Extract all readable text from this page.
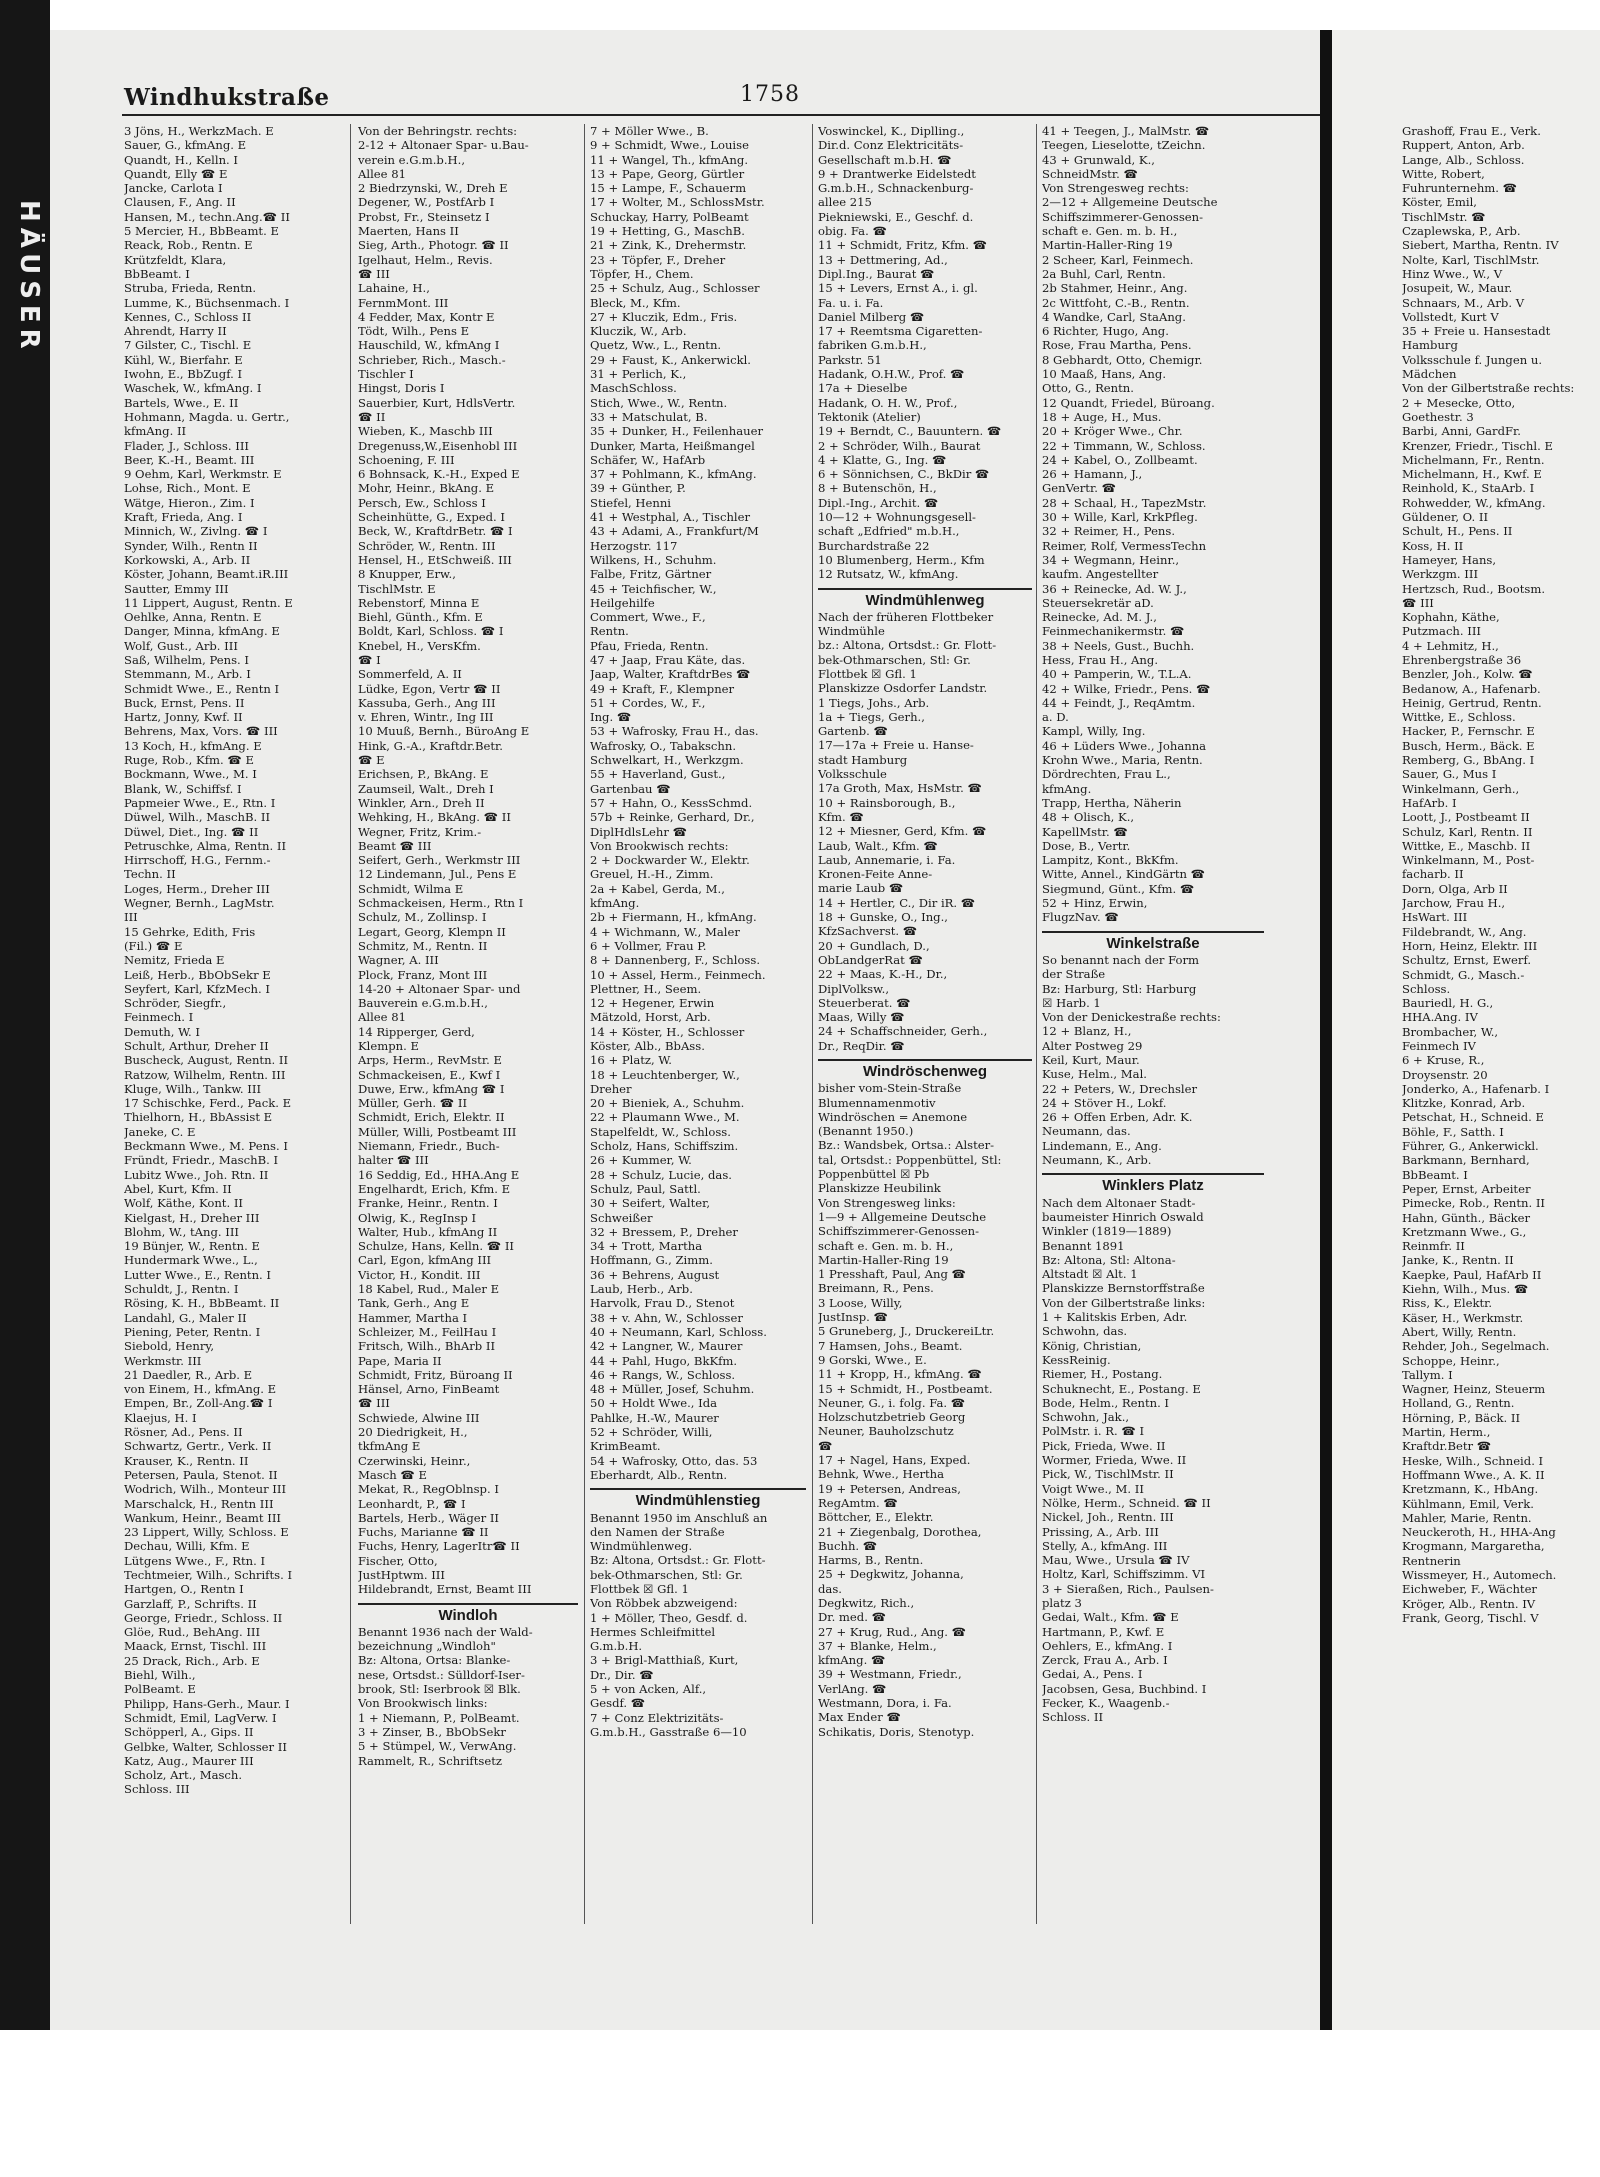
HÄUSER
Windhukstraße	1758
3 Jöns, H., WerkzMach. E
Sauer, G., kfmAng. E
Quandt, H., Kelln. I
Quandt, Elly ☎ E
Jancke, Carlota I
Clausen, F., Ang. II
Hansen, M., techn.Ang.☎ II
5 Mercier, H., BbBeamt. E
Reack, Rob., Rentn. E
Krützfeldt, Klara,
BbBeamt. I
Struba, Frieda, Rentn.
Lumme, K., Büchsenmach. I
Kennes, C., Schloss II
Ahrendt, Harry II
7 Gilster, C., Tischl. E
Kühl, W., Bierfahr. E
Iwohn, E., BbZugf. I
Waschek, W., kfmAng. I
Bartels, Wwe., E. II
Hohmann, Magda. u. Gertr.,
kfmAng. II
Flader, J., Schloss. III
Beer, K.-H., Beamt. III
9 Oehm, Karl, Werkmstr. E
Lohse, Rich., Mont. E
Wätge, Hieron., Zim. I
Kraft, Frieda, Ang. I
Minnich, W., Zivlng. ☎ I
Synder, Wilh., Rentn II
Korkowski, A., Arb. II
Köster, Johann, Beamt.iR.III
Sautter, Emmy III
11 Lippert, August, Rentn. E
Oehlke, Anna, Rentn. E
Danger, Minna, kfmAng. E
Wolf, Gust., Arb. III
Saß, Wilhelm, Pens. I
Stemmann, M., Arb. I
Schmidt Wwe., E., Rentn I
Buck, Ernst, Pens. II
Hartz, Jonny, Kwf. II
Behrens, Max, Vors. ☎ III
13 Koch, H., kfmAng. E
Ruge, Rob., Kfm. ☎ E
Bockmann, Wwe., M. I
Blank, W., Schiffsf. I
Papmeier Wwe., E., Rtn. I
Düwel, Wilh., MaschB. II
Düwel, Diet., Ing. ☎ II
Petruschke, Alma, Rentn. II
Hirrschoff, H.G., Fernm.-
Techn. II
Loges, Herm., Dreher III
Wegner, Bernh., LagMstr.
III
15 Gehrke, Edith, Fris
(Fil.) ☎ E
Nemitz, Frieda E
Leiß, Herb., BbObSekr E
Seyfert, Karl, KfzMech. I
Schröder, Siegfr.,
Feinmech. I
Demuth, W. I
Schult, Arthur, Dreher II
Buscheck, August, Rentn. II
Ratzow, Wilhelm, Rentn. III
Kluge, Wilh., Tankw. III
17 Schischke, Ferd., Pack. E
Thielhorn, H., BbAssist E
Janeke, C. E
Beckmann Wwe., M. Pens. I
Fründt, Friedr., MaschB. I
Lubitz Wwe., Joh. Rtn. II
Abel, Kurt, Kfm. II
Wolf, Käthe, Kont. II
Kielgast, H., Dreher III
Blohm, W., tAng. III
19 Bünjer, W., Rentn. E
Hundermark Wwe., L.,
Lutter Wwe., E., Rentn. I
Schuldt, J., Rentn. I
Rösing, K. H., BbBeamt. II
Landahl, G., Maler II
Piening, Peter, Rentn. I
Siebold, Henry,
Werkmstr. III
21 Daedler, R., Arb. E
von Einem, H., kfmAng. E
Empen, Br., Zoll-Ang.☎ I
Klaejus, H. I
Rösner, Ad., Pens. II
Schwartz, Gertr., Verk. II
Krauser, K., Rentn. II
Petersen, Paula, Stenot. II
Wodrich, Wilh., Monteur III
Marschalck, H., Rentn III
Wankum, Heinr., Beamt III
23 Lippert, Willy, Schloss. E
Dechau, Willi, Kfm. E
Lütgens Wwe., F., Rtn. I
Techtmeier, Wilh., Schrifts. I
Hartgen, O., Rentn I
Garzlaff, P., Schrifts. II
George, Friedr., Schloss. II
Glöe, Rud., BehAng. III
Maack, Ernst, Tischl. III
25 Drack, Rich., Arb. E
Biehl, Wilh.,
PolBeamt. E
Philipp, Hans-Gerh., Maur. I
Schmidt, Emil, LagVerw. I
Schöpperl, A., Gips. II
Gelbke, Walter, Schlosser II
Katz, Aug., Maurer III
Scholz, Art., Masch.
Schloss. III
Von der Behringstr. rechts:
2-12 + Altonaer Spar- u.Bau-
verein e.G.m.b.H.,
Allee 81
2 Biedrzynski, W., Dreh E
Degener, W., PostfArb I
Probst, Fr., Steinsetz I
Maerten, Hans II
Sieg, Arth., Photogr. ☎ II
Igelhaut, Helm., Revis.
☎ III
Lahaine, H.,
FernmMont. III
4 Fedder, Max, Kontr E
Tödt, Wilh., Pens E
Hauschild, W., kfmAng I
Schrieber, Rich., Masch.-
Tischler I
Hingst, Doris I
Sauerbier, Kurt, HdlsVertr.
☎ II
Wieben, K., Maschb III
Dregenuss,W.,Eisenhobl III
Schoening, F. III
6 Bohnsack, K.-H., Exped E
Mohr, Heinr., BkAng. E
Persch, Ew., Schloss I
Scheinhütte, G., Exped. I
Beck, W., KraftdrBetr. ☎ I
Schröder, W., Rentn. III
Hensel, H., EtSchweiß. III
8 Knupper, Erw.,
TischlMstr. E
Rebenstorf, Minna E
Biehl, Günth., Kfm. E
Boldt, Karl, Schloss. ☎ I
Knebel, H., VersKfm.
☎ I
Sommerfeld, A. II
Lüdke, Egon, Vertr ☎ II
Kassuba, Gerh., Ang III
v. Ehren, Wintr., Ing III
10 Muuß, Bernh., BüroAng E
Hink, G.-A., Kraftdr.Betr.
☎ E
Erichsen, P., BkAng. E
Zaumseil, Walt., Dreh I
Winkler, Arn., Dreh II
Wehking, H., BkAng. ☎ II
Wegner, Fritz, Krim.-
Beamt ☎ III
Seifert, Gerh., Werkmstr III
12 Lindemann, Jul., Pens E
Schmidt, Wilma E
Schmackeisen, Herm., Rtn I
Schulz, M., Zollinsp. I
Legart, Georg, Klempn II
Schmitz, M., Rentn. II
Wagner, A. III
Plock, Franz, Mont III
14-20 + Altonaer Spar- und
Bauverein e.G.m.b.H.,
Allee 81
14 Ripperger, Gerd,
Klempn. E
Arps, Herm., RevMstr. E
Schmackeisen, E., Kwf I
Duwe, Erw., kfmAng ☎ I
Müller, Gerh. ☎ II
Schmidt, Erich, Elektr. II
Müller, Willi, Postbeamt III
Niemann, Friedr., Buch-
halter ☎ III
16 Seddig, Ed., HHA.Ang E
Engelhardt, Erich, Kfm. E
Franke, Heinr., Rentn. I
Olwig, K., RegInsp I
Walter, Hub., kfmAng II
Schulze, Hans, Kelln. ☎ II
Carl, Egon, kfmAng III
Victor, H., Kondit. III
18 Kabel, Rud., Maler E
Tank, Gerh., Ang E
Hammer, Martha I
Schleizer, M., FeilHau I
Fritsch, Wilh., BhArb II
Pape, Maria II
Schmidt, Fritz, Büroang II
Hänsel, Arno, FinBeamt
☎ III
Schwiede, Alwine III
20 Diedrigkeit, H.,
tkfmAng E
Czerwinski, Heinr.,
Masch ☎ E
Mekat, R., RegOblnsp. I
Leonhardt, P., ☎ I
Bartels, Herb., Wäger II
Fuchs, Marianne ☎ II
Fuchs, Henry, LagerItr☎ II
Fischer, Otto,
JustHptwm. III
Hildebrandt, Ernst, Beamt III
Windloh
Benannt 1936 nach der Wald-
bezeichnung „Windloh"
Bz: Altona, Ortsa: Blanke-
nese, Ortsdst.: Sülldorf-Iser-
brook, Stl: Iserbrook ☒ Blk.
Von Brookwisch links:
1 + Niemann, P., PolBeamt.
3 + Zinser, B., BbObSekr
5 + Stümpel, W., VerwAng.
Rammelt, R., Schriftsetz
7 + Möller Wwe., B.
9 + Schmidt, Wwe., Louise
11 + Wangel, Th., kfmAng.
13 + Pape, Georg, Gürtler
15 + Lampe, F., Schauerm
17 + Wolter, M., SchlossMstr.
Schuckay, Harry, PolBeamt
19 + Hetting, G., MaschB.
21 + Zink, K., Drehermstr.
23 + Töpfer, F., Dreher
Töpfer, H., Chem.
25 + Schulz, Aug., Schlosser
Bleck, M., Kfm.
27 + Kluczik, Edm., Fris.
Kluczik, W., Arb.
Quetz, Ww., L., Rentn.
29 + Faust, K., Ankerwickl.
31 + Perlich, K.,
MaschSchloss.
Stich, Wwe., W., Rentn.
33 + Matschulat, B.
35 + Dunker, H., Feilenhauer
Dunker, Marta, Heißmangel
Schäfer, W., HafArb
37 + Pohlmann, K., kfmAng.
39 + Günther, P.
Stiefel, Henni
41 + Westphal, A., Tischler
43 + Adami, A., Frankfurt/M
Herzogstr. 117
Wilkens, H., Schuhm.
Falbe, Fritz, Gärtner
45 + Teichfischer, W.,
Heilgehilfe
Commert, Wwe., F.,
Rentn.
Pfau, Frieda, Rentn.
47 + Jaap, Frau Käte, das.
Jaap, Walter, KraftdrBes ☎
49 + Kraft, F., Klempner
51 + Cordes, W., F.,
Ing. ☎
53 + Wafrosky, Frau H., das.
Wafrosky, O., Tabakschn.
Schwelkart, H., Werkzgm.
55 + Haverland, Gust.,
Gartenbau ☎
57 + Hahn, O., KessSchmd.
57b + Reinke, Gerhard, Dr.,
DiplHdlsLehr ☎
Von Brookwisch rechts:
2 + Dockwarder W., Elektr.
Greuel, H.-H., Zimm.
2a + Kabel, Gerda, M.,
kfmAng.
2b + Fiermann, H., kfmAng.
4 + Wichmann, W., Maler
6 + Vollmer, Frau P.
8 + Dannenberg, F., Schloss.
10 + Assel, Herm., Feinmech.
Plettner, H., Seem.
12 + Hegener, Erwin
Mätzold, Horst, Arb.
14 + Köster, H., Schlosser
Köster, Alb., BbAss.
16 + Platz, W.
18 + Leuchtenberger, W.,
Dreher
20 + Bieniek, A., Schuhm.
22 + Plaumann Wwe., M.
Stapelfeldt, W., Schloss.
Scholz, Hans, Schiffszim.
26 + Kummer, W.
28 + Schulz, Lucie, das.
Schulz, Paul, Sattl.
30 + Seifert, Walter,
Schweißer
32 + Bressem, P., Dreher
34 + Trott, Martha
Hoffmann, G., Zimm.
36 + Behrens, August
Laub, Herb., Arb.
Harvolk, Frau D., Stenot
38 + v. Ahn, W., Schlosser
40 + Neumann, Karl, Schloss.
42 + Langner, W., Maurer
44 + Pahl, Hugo, BkKfm.
46 + Rangs, W., Schloss.
48 + Müller, Josef, Schuhm.
50 + Holdt Wwe., Ida
Pahlke, H.-W., Maurer
52 + Schröder, Willi,
KrimBeamt.
54 + Wafrosky, Otto, das. 53
Eberhardt, Alb., Rentn.
Windmühlenstieg
Benannt 1950 im Anschluß an
den Namen der Straße
Windmühlenweg.
Bz: Altona, Ortsdst.: Gr. Flott-
bek-Othmarschen, Stl: Gr.
Flottbek ☒ Gfl. 1
Von Röbbek abzweigend:
1 + Möller, Theo, Gesdf. d.
Hermes Schleifmittel
G.m.b.H.
3 + Brigl-Matthiaß, Kurt,
Dr., Dir. ☎
5 + von Acken, Alf.,
Gesdf. ☎
7 + Conz Elektrizitäts-
G.m.b.H., Gasstraße 6—10
Voswinckel, K., Diplling.,
Dir.d. Conz Elektricitäts-
Gesellschaft m.b.H. ☎
9 + Drantwerke Eidelstedt
G.m.b.H., Schnackenburg-
allee 215
Piekniewski, E., Geschf. d.
obig. Fa. ☎
11 + Schmidt, Fritz, Kfm. ☎
13 + Dettmering, Ad.,
Dipl.Ing., Baurat ☎
15 + Levers, Ernst A., i. gl.
Fa. u. i. Fa.
Daniel Milberg ☎
17 + Reemtsma Cigaretten-
fabriken G.m.b.H.,
Parkstr. 51
Hadank, O.H.W., Prof. ☎
17a + Dieselbe
Hadank, O. H. W., Prof.,
Tektonik (Atelier)
19 + Berndt, C., Bauuntern. ☎
2 + Schröder, Wilh., Baurat
4 + Klatte, G., Ing. ☎
6 + Sönnichsen, C., BkDir ☎
8 + Butenschön, H.,
Dipl.-Ing., Archit. ☎
10—12 + Wohnungsgesell-
schaft „Edfried" m.b.H.,
Burchardstraße 22
10 Blumenberg, Herm., Kfm
12 Rutsatz, W., kfmAng.
Windmühlenweg
Nach der früheren Flottbeker
Windmühle
bz.: Altona, Ortsdst.: Gr. Flott-
bek-Othmarschen, Stl: Gr.
Flottbek ☒ Gfl. 1
Planskizze Osdorfer Landstr.
1 Tiegs, Johs., Arb.
1a + Tiegs, Gerh.,
Gartenb. ☎
17—17a + Freie u. Hanse-
stadt Hamburg
Volksschule
17a Groth, Max, HsMstr. ☎
10 + Rainsborough, B.,
Kfm. ☎
12 + Miesner, Gerd, Kfm. ☎
Laub, Walt., Kfm. ☎
Laub, Annemarie, i. Fa.
Kronen-Feite Anne-
marie Laub ☎
14 + Hertler, C., Dir iR. ☎
18 + Gunske, O., Ing.,
KfzSachverst. ☎
20 + Gundlach, D.,
ObLandgerRat ☎
22 + Maas, K.-H., Dr.,
DiplVolksw.,
Steuerberat. ☎
Maas, Willy ☎
24 + Schaffschneider, Gerh.,
Dr., ReqDir. ☎
Windröschenweg
bisher vom-Stein-Straße
Blumennamenmotiv
Windröschen = Anemone
(Benannt 1950.)
Bz.: Wandsbek, Ortsa.: Alster-
tal, Ortsdst.: Poppenbüttel, Stl:
Poppenbüttel ☒ Pb
Planskizze Heubilink
Von Strengesweg links:
1—9 + Allgemeine Deutsche
Schiffszimmerer-Genossen-
schaft e. Gen. m. b. H.,
Martin-Haller-Ring 19
1 Presshaft, Paul, Ang ☎
Breimann, R., Pens.
3 Loose, Willy,
JustInsp. ☎
5 Gruneberg, J., DruckereiLtr.
7 Hamsen, Johs., Beamt.
9 Gorski, Wwe., E.
11 + Kropp, H., kfmAng. ☎
15 + Schmidt, H., Postbeamt.
Neuner, G., i. folg. Fa. ☎
Holzschutzbetrieb Georg
Neuner, Bauholzschutz
☎
17 + Nagel, Hans, Exped.
Behnk, Wwe., Hertha
19 + Petersen, Andreas,
RegAmtm. ☎
Böttcher, E., Elektr.
21 + Ziegenbalg, Dorothea,
Buchh. ☎
Harms, B., Rentn.
25 + Degkwitz, Johanna,
das.
Degkwitz, Rich.,
Dr. med. ☎
27 + Krug, Rud., Ang. ☎
37 + Blanke, Helm.,
kfmAng. ☎
39 + Westmann, Friedr.,
VerlAng. ☎
Westmann, Dora, i. Fa.
Max Ender ☎
Schikatis, Doris, Stenotyp.
41 + Teegen, J., MalMstr. ☎
Teegen, Lieselotte, tZeichn.
43 + Grunwald, K.,
SchneidMstr. ☎
Von Strengesweg rechts:
2—12 + Allgemeine Deutsche
Schiffszimmerer-Genossen-
schaft e. Gen. m. b. H.,
Martin-Haller-Ring 19
2 Scheer, Karl, Feinmech.
2a Buhl, Carl, Rentn.
2b Stahmer, Heinr., Ang.
2c Wittfoht, C.-B., Rentn.
4 Wandke, Carl, StaAng.
6 Richter, Hugo, Ang.
Rose, Frau Martha, Pens.
8 Gebhardt, Otto, Chemigr.
10 Maaß, Hans, Ang.
Otto, G., Rentn.
12 Quandt, Friedel, Büroang.
18 + Auge, H., Mus.
20 + Kröger Wwe., Chr.
22 + Timmann, W., Schloss.
24 + Kabel, O., Zollbeamt.
26 + Hamann, J.,
GenVertr. ☎
28 + Schaal, H., TapezMstr.
30 + Wille, Karl, KrkPfleg.
32 + Reimer, H., Pens.
Reimer, Rolf, VermessTechn
34 + Wegmann, Heinr.,
kaufm. Angestellter
36 + Reinecke, Ad. W. J.,
Steuersekretär aD.
Reinecke, Ad. M. J.,
Feinmechanikermstr. ☎
38 + Neels, Gust., Buchh.
Hess, Frau H., Ang.
40 + Pamperin, W., T.L.A.
42 + Wilke, Friedr., Pens. ☎
44 + Feindt, J., ReqAmtm.
a. D.
Kampl, Willy, Ing.
46 + Lüders Wwe., Johanna
Krohn Wwe., Maria, Rentn.
Dördrechten, Frau L.,
kfmAng.
Trapp, Hertha, Näherin
48 + Olisch, K.,
KapellMstr. ☎
Dose, B., Vertr.
Lampitz, Kont., BkKfm.
Witte, Annel., KindGärtn ☎
Siegmund, Günt., Kfm. ☎
52 + Hinz, Erwin,
FlugzNav. ☎
Winkelstraße
So benannt nach der Form
der Straße
Bz: Harburg, Stl: Harburg
☒ Harb. 1
Von der Denickestraße rechts:
12 + Blanz, H.,
Alter Postweg 29
Keil, Kurt, Maur.
Kuse, Helm., Mal.
22 + Peters, W., Drechsler
24 + Stöver H., Lokf.
26 + Offen Erben, Adr. K.
Neumann, das.
Lindemann, E., Ang.
Neumann, K., Arb.
Winklers Platz
Nach dem Altonaer Stadt-
baumeister Hinrich Oswald
Winkler (1819—1889)
Benannt 1891
Bz: Altona, Stl: Altona-
Altstadt ☒ Alt. 1
Planskizze Bernstorffstraße
Von der Gilbertstraße links:
1 + Kalitskis Erben, Adr.
Schwohn, das.
König, Christian,
KessReinig.
Riemer, H., Postang.
Schuknecht, E., Postang. E
Bode, Helm., Rentn. I
Schwohn, Jak.,
PolMstr. i. R. ☎ I
Pick, Frieda, Wwe. II
Wormer, Frieda, Wwe. II
Pick, W., TischlMstr. II
Voigt Wwe., M. II
Nölke, Herm., Schneid. ☎ II
Nickel, Joh., Rentn. III
Prissing, A., Arb. III
Stelly, A., kfmAng. III
Mau, Wwe., Ursula ☎ IV
Holtz, Karl, Schiffszimm. VI
3 + Sieraßen, Rich., Paulsen-
platz 3
Gedai, Walt., Kfm. ☎ E
Hartmann, P., Kwf. E
Oehlers, E., kfmAng. I
Zerck, Frau A., Arb. I
Gedai, A., Pens. I
Jacobsen, Gesa, Buchbind. I
Fecker, K., Waagenb.-
Schloss. II
Grashoff, Frau E., Verk.
Ruppert, Anton, Arb.
Lange, Alb., Schloss.
Witte, Robert,
Fuhrunternehm. ☎
Köster, Emil,
TischlMstr. ☎
Czaplewska, P., Arb.
Siebert, Martha, Rentn. IV
Nolte, Karl, TischlMstr.
Hinz Wwe., W., V
Josupeit, W., Maur.
Schnaars, M., Arb. V
Vollstedt, Kurt V
35 + Freie u. Hansestadt
Hamburg
Volksschule f. Jungen u.
Mädchen
Von der Gilbertstraße rechts:
2 + Mesecke, Otto,
Goethestr. 3
Barbi, Anni, GardFr.
Krenzer, Friedr., Tischl. E
Michelmann, Fr., Rentn.
Michelmann, H., Kwf. E
Reinhold, K., StaArb. I
Rohwedder, W., kfmAng.
Güldener, O. II
Schult, H., Pens. II
Koss, H. II
Hameyer, Hans,
Werkzgm. III
Hertzsch, Rud., Bootsm.
☎ III
Kophahn, Käthe,
Putzmach. III
4 + Lehmitz, H.,
Ehrenbergstraße 36
Benzler, Joh., Kolw. ☎
Bedanow, A., Hafenarb.
Heinig, Gertrud, Rentn.
Wittke, E., Schloss.
Hacker, P., Fernschr. E
Busch, Herm., Bäck. E
Remberg, G., BbAng. I
Sauer, G., Mus I
Winkelmann, Gerh.,
HafArb. I
Loott, J., Postbeamt II
Schulz, Karl, Rentn. II
Wittke, E., Maschb. II
Winkelmann, M., Post-
facharb. II
Dorn, Olga, Arb II
Jarchow, Frau H.,
HsWart. III
Fildebrandt, W., Ang.
Horn, Heinz, Elektr. III
Schultz, Ernst, Ewerf.
Schmidt, G., Masch.-
Schloss.
Bauriedl, H. G.,
HHA.Ang. IV
Brombacher, W.,
Feinmech IV
6 + Kruse, R.,
Droysenstr. 20
Jonderko, A., Hafenarb. I
Klitzke, Konrad, Arb.
Petschat, H., Schneid. E
Böhle, F., Satth. I
Führer, G., Ankerwickl.
Barkmann, Bernhard,
BbBeamt. I
Peper, Ernst, Arbeiter
Pimecke, Rob., Rentn. II
Hahn, Günth., Bäcker
Kretzmann Wwe., G.,
Reinmfr. II
Janke, K., Rentn. II
Kaepke, Paul, HafArb II
Kiehn, Wilh., Mus. ☎
Riss, K., Elektr.
Käser, H., Werkmstr.
Abert, Willy, Rentn.
Rehder, Joh., Segelmach.
Schoppe, Heinr.,
Tallym. I
Wagner, Heinz, Steuerm
Holland, G., Rentn.
Hörning, P., Bäck. II
Martin, Herm.,
Kraftdr.Betr ☎
Heske, Wilh., Schneid. I
Hoffmann Wwe., A. K. II
Kretzmann, K., HbAng.
Kühlmann, Emil, Verk.
Mahler, Marie, Rentn.
Neuckeroth, H., HHA-Ang
Krogmann, Margaretha,
Rentnerin
Wissmeyer, H., Automech.
Eichweber, F., Wächter
Kröger, Alb., Rentn. IV
Frank, Georg, Tischl. V
